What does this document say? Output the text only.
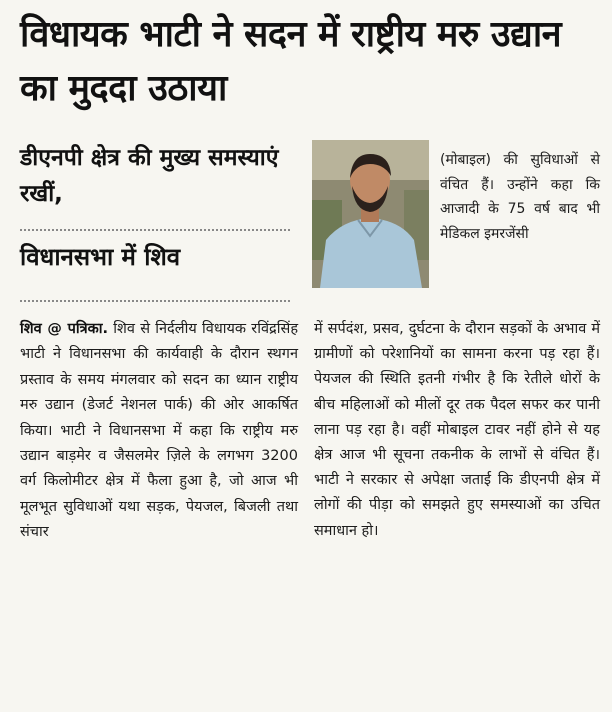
विधायक भाटी ने सदन में राष्ट्रीय मरु उद्यान का मुददा उठाया
डीएनपी क्षेत्र की मुख्य समस्याएं रखीं,
विधानसभा में शिव
(मोबाइल) की सुविधाओं से वंचित हैं। उन्होंने कहा कि आजादी के 75 वर्ष बाद भी मेडिकल इमरजेंसी
शिव @ पत्रिका. शिव से निर्दलीय विधायक रविंद्रसिंह भाटी ने विधानसभा की कार्यवाही के दौरान स्थगन प्रस्ताव के समय मंगलवार को सदन का ध्यान राष्ट्रीय मरु उद्यान (डेजर्ट नेशनल पार्क) की ओर आकर्षित किया। भाटी ने विधानसभा में कहा कि राष्ट्रीय मरु उद्यान बाड़मेर व जैसलमेर ज़िले के लगभग 3200 वर्ग किलोमीटर क्षेत्र में फैला हुआ है, जो आज भी मूलभूत सुविधाओं यथा सड़क, पेयजल, बिजली तथा संचार
में सर्पदंश, प्रसव, दुर्घटना के दौरान सड़कों के अभाव में ग्रामीणों को परेशानियों का सामना करना पड़ रहा हैं। पेयजल की स्थिति इतनी गंभीर है कि रेतीले धोरों के बीच महिलाओं को मीलों दूर तक पैदल सफर कर पानी लाना पड़ रहा है। वहीं मोबाइल टावर नहीं होने से यह क्षेत्र आज भी सूचना तकनीक के लाभों से वंचित हैं। भाटी ने सरकार से अपेक्षा जताई कि डीएनपी क्षेत्र में लोगों की पीड़ा को समझते हुए समस्याओं का उचित समाधान हो।
